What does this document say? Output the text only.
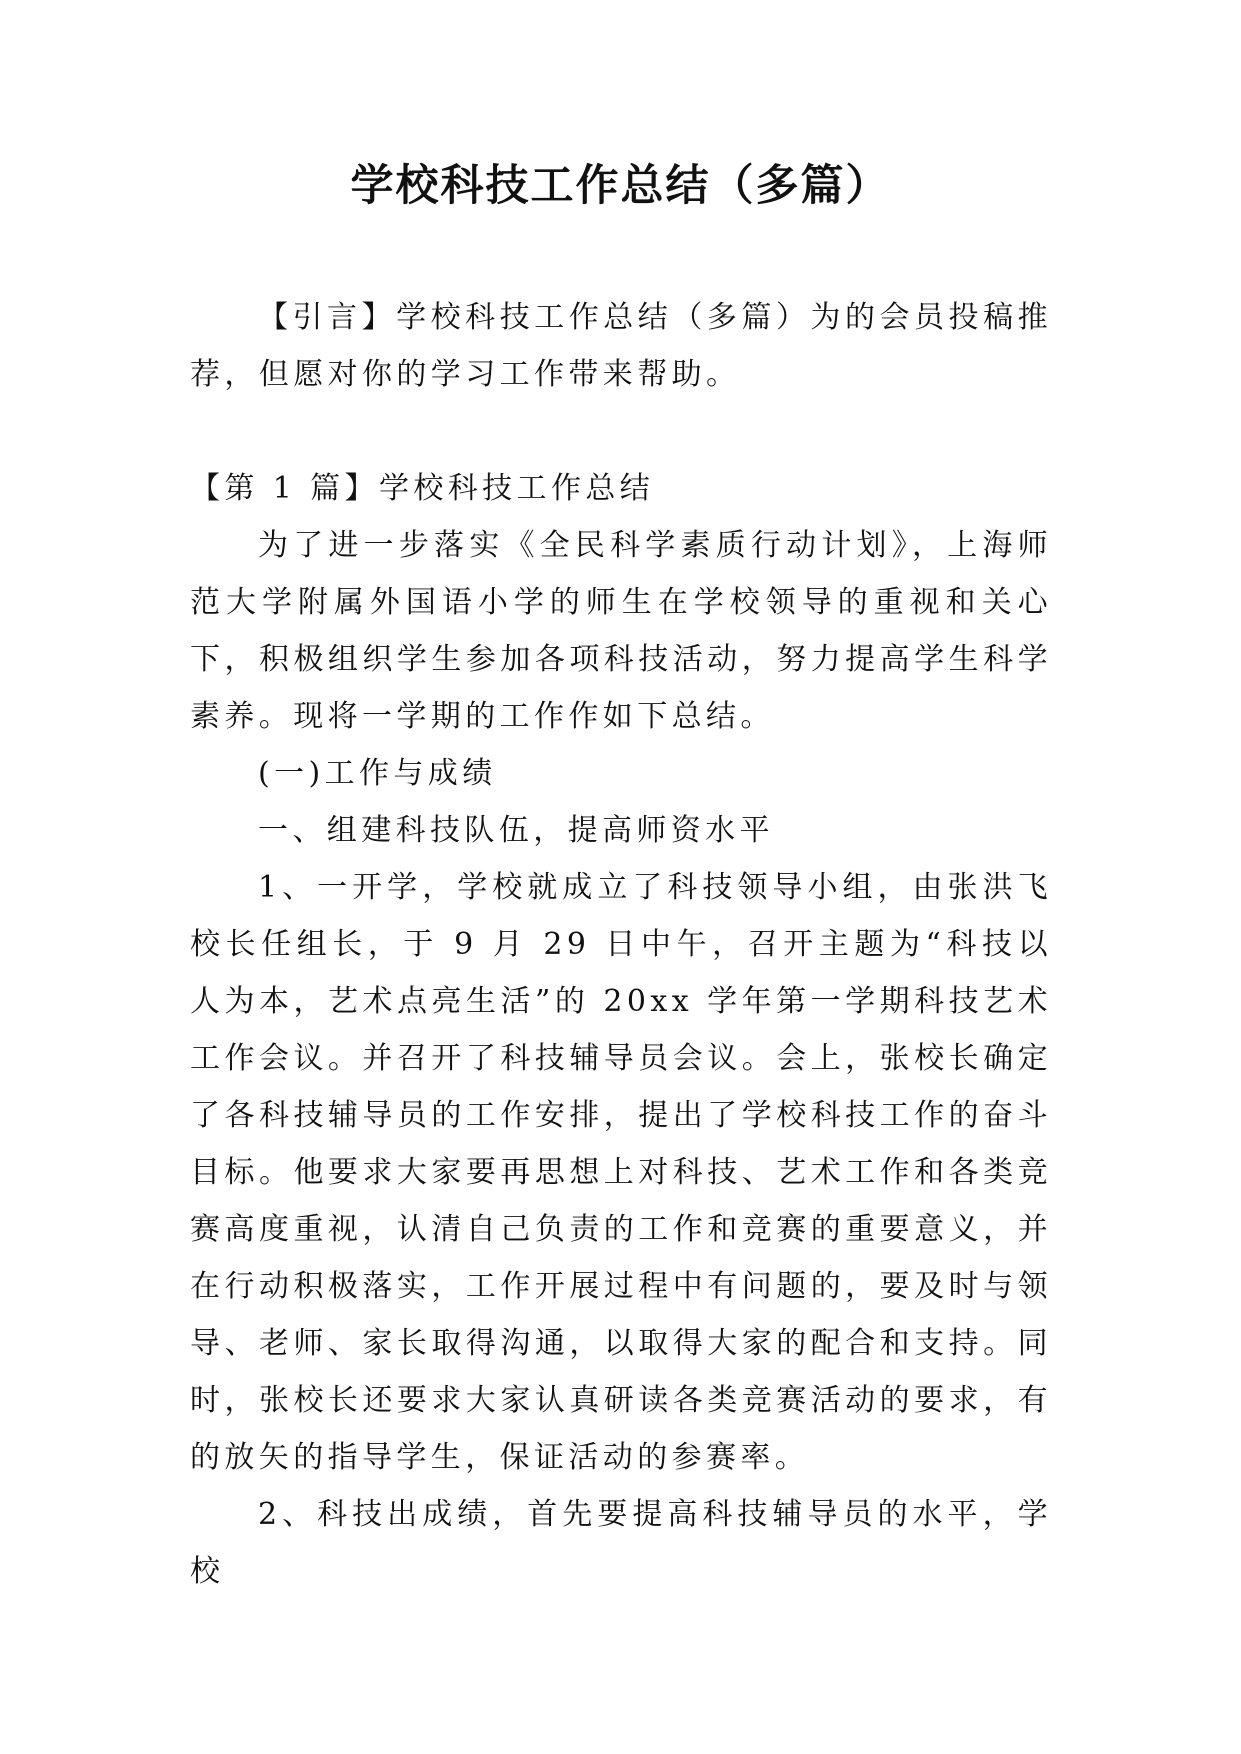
学校科技工作总结（多篇）

【引言】学校科技工作总结（多篇）为的会员投稿推荐，但愿对你的学习工作带来帮助。

【第 1 篇】学校科技工作总结

为了进一步落实《全民科学素质行动计划》，上海师范大学附属外国语小学的师生在学校领导的重视和关心下，积极组织学生参加各项科技活动，努力提高学生科学素养。现将一学期的工作作如下总结。

(一)工作与成绩

一、组建科技队伍，提高师资水平

1、一开学，学校就成立了科技领导小组，由张洪飞校长任组长，于 9 月 29 日中午，召开主题为“科技以人为本，艺术点亮生活”的 20xx 学年第一学期科技艺术工作会议。并召开了科技辅导员会议。会上，张校长确定了各科技辅导员的工作安排，提出了学校科技工作的奋斗目标。他要求大家要再思想上对科技、艺术工作和各类竞赛高度重视，认清自己负责的工作和竞赛的重要意义，并在行动积极落实，工作开展过程中有问题的，要及时与领导、老师、家长取得沟通，以取得大家的配合和支持。同时，张校长还要求大家认真研读各类竞赛活动的要求，有的放矢的指导学生，保证活动的参赛率。

2、科技出成绩，首先要提高科技辅导员的水平，学校
